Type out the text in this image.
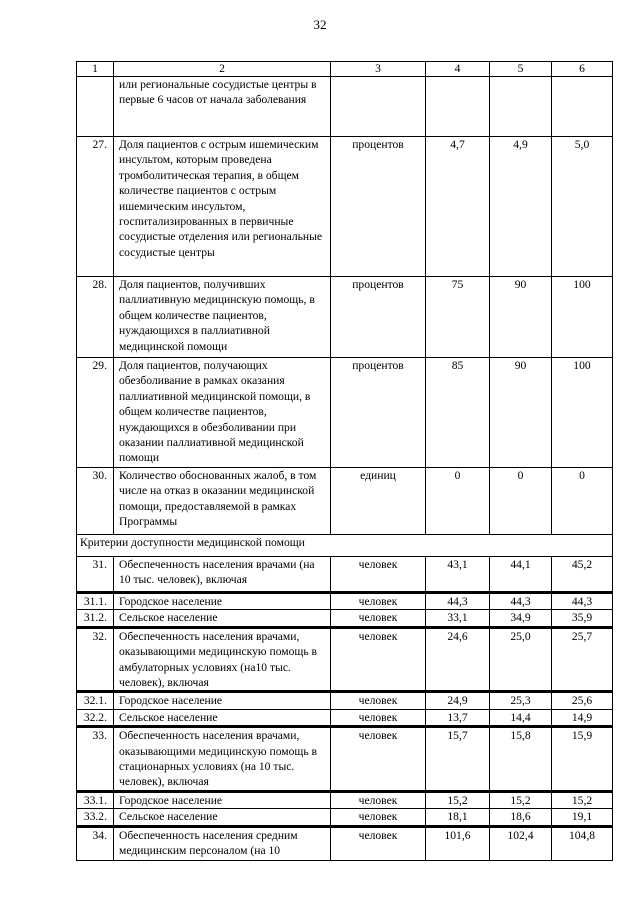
32
1	2	3	4	5	6
	или региональные сосудистые центры в первые 6 часов от начала заболевания				
27.	Доля пациентов с острым ишемическим инсультом, которым проведена тромболитическая терапия, в общем количестве пациентов с острым ишемическим инсультом, госпитализированных в первичные сосудистые отделения или региональные сосудистые центры	процентов	4,7	4,9	5,0
28.	Доля пациентов, получивших паллиативную медицинскую помощь, в общем количестве пациентов, нуждающихся в паллиативной медицинской помощи	процентов	75	90	100
29.	Доля пациентов, получающих обезболивание в рамках оказания паллиативной медицинской помощи, в общем количестве пациентов, нуждающихся в обезболивании при оказании паллиативной медицинской помощи	процентов	85	90	100
30.	Количество обоснованных жалоб, в том числе на отказ в оказании медицинской помощи, предоставляемой в рамках Программы	единиц	0	0	0
Критерии доступности медицинской помощи					
31.	Обеспеченность населения врачами (на 10 тыс. человек), включая	человек	43,1	44,1	45,2
31.1.	Городское население	человек	44,3	44,3	44,3
31.2.	Сельское население	человек	33,1	34,9	35,9
32.	Обеспеченность населения врачами, оказывающими медицинскую помощь в амбулаторных условиях (на10 тыс. человек), включая	человек	24,6	25,0	25,7
32.1.	Городское население	человек	24,9	25,3	25,6
32.2.	Сельское население	человек	13,7	14,4	14,9
33.	Обеспеченность населения врачами, оказывающими медицинскую помощь в стационарных условиях (на 10 тыс. человек), включая	человек	15,7	15,8	15,9
33.1.	Городское население	человек	15,2	15,2	15,2
33.2.	Сельское население	человек	18,1	18,6	19,1
34.	Обеспеченность населения средним медицинским персоналом (на 10	человек	101,6	102,4	104,8
